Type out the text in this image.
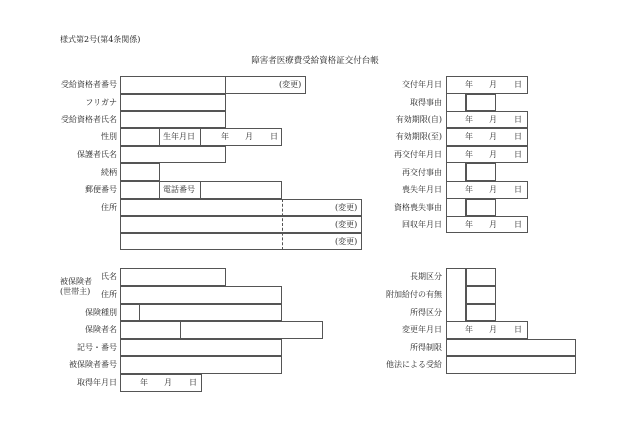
様式第2号(第4条関係)
障害者医療費受給資格証交付台帳
受給資格者番号
フリガナ
受給資格者氏名
性別
保護者氏名
続柄
郵便番号
住所
(変更)
生年月日	年 月 日
電話番号
(変更)
(変更)
(変更)
交付年月日
取得事由
有効期限(自)
有効期限(至)
再交付年月日
再交付事由
喪失年月日
資格喪失事由
回収年月日
年 月 日
年 月 日
年 月 日
年 月 日
年 月 日
年 月 日
被保険者
(世帯主)
氏名
住所
保険種別
保険者名
記号・番号
被保険者番号
取得年月日	年 月 日
長期区分
附加給付の有無
所得区分
変更年月日
所得制限
他法による受給
年 月 日
